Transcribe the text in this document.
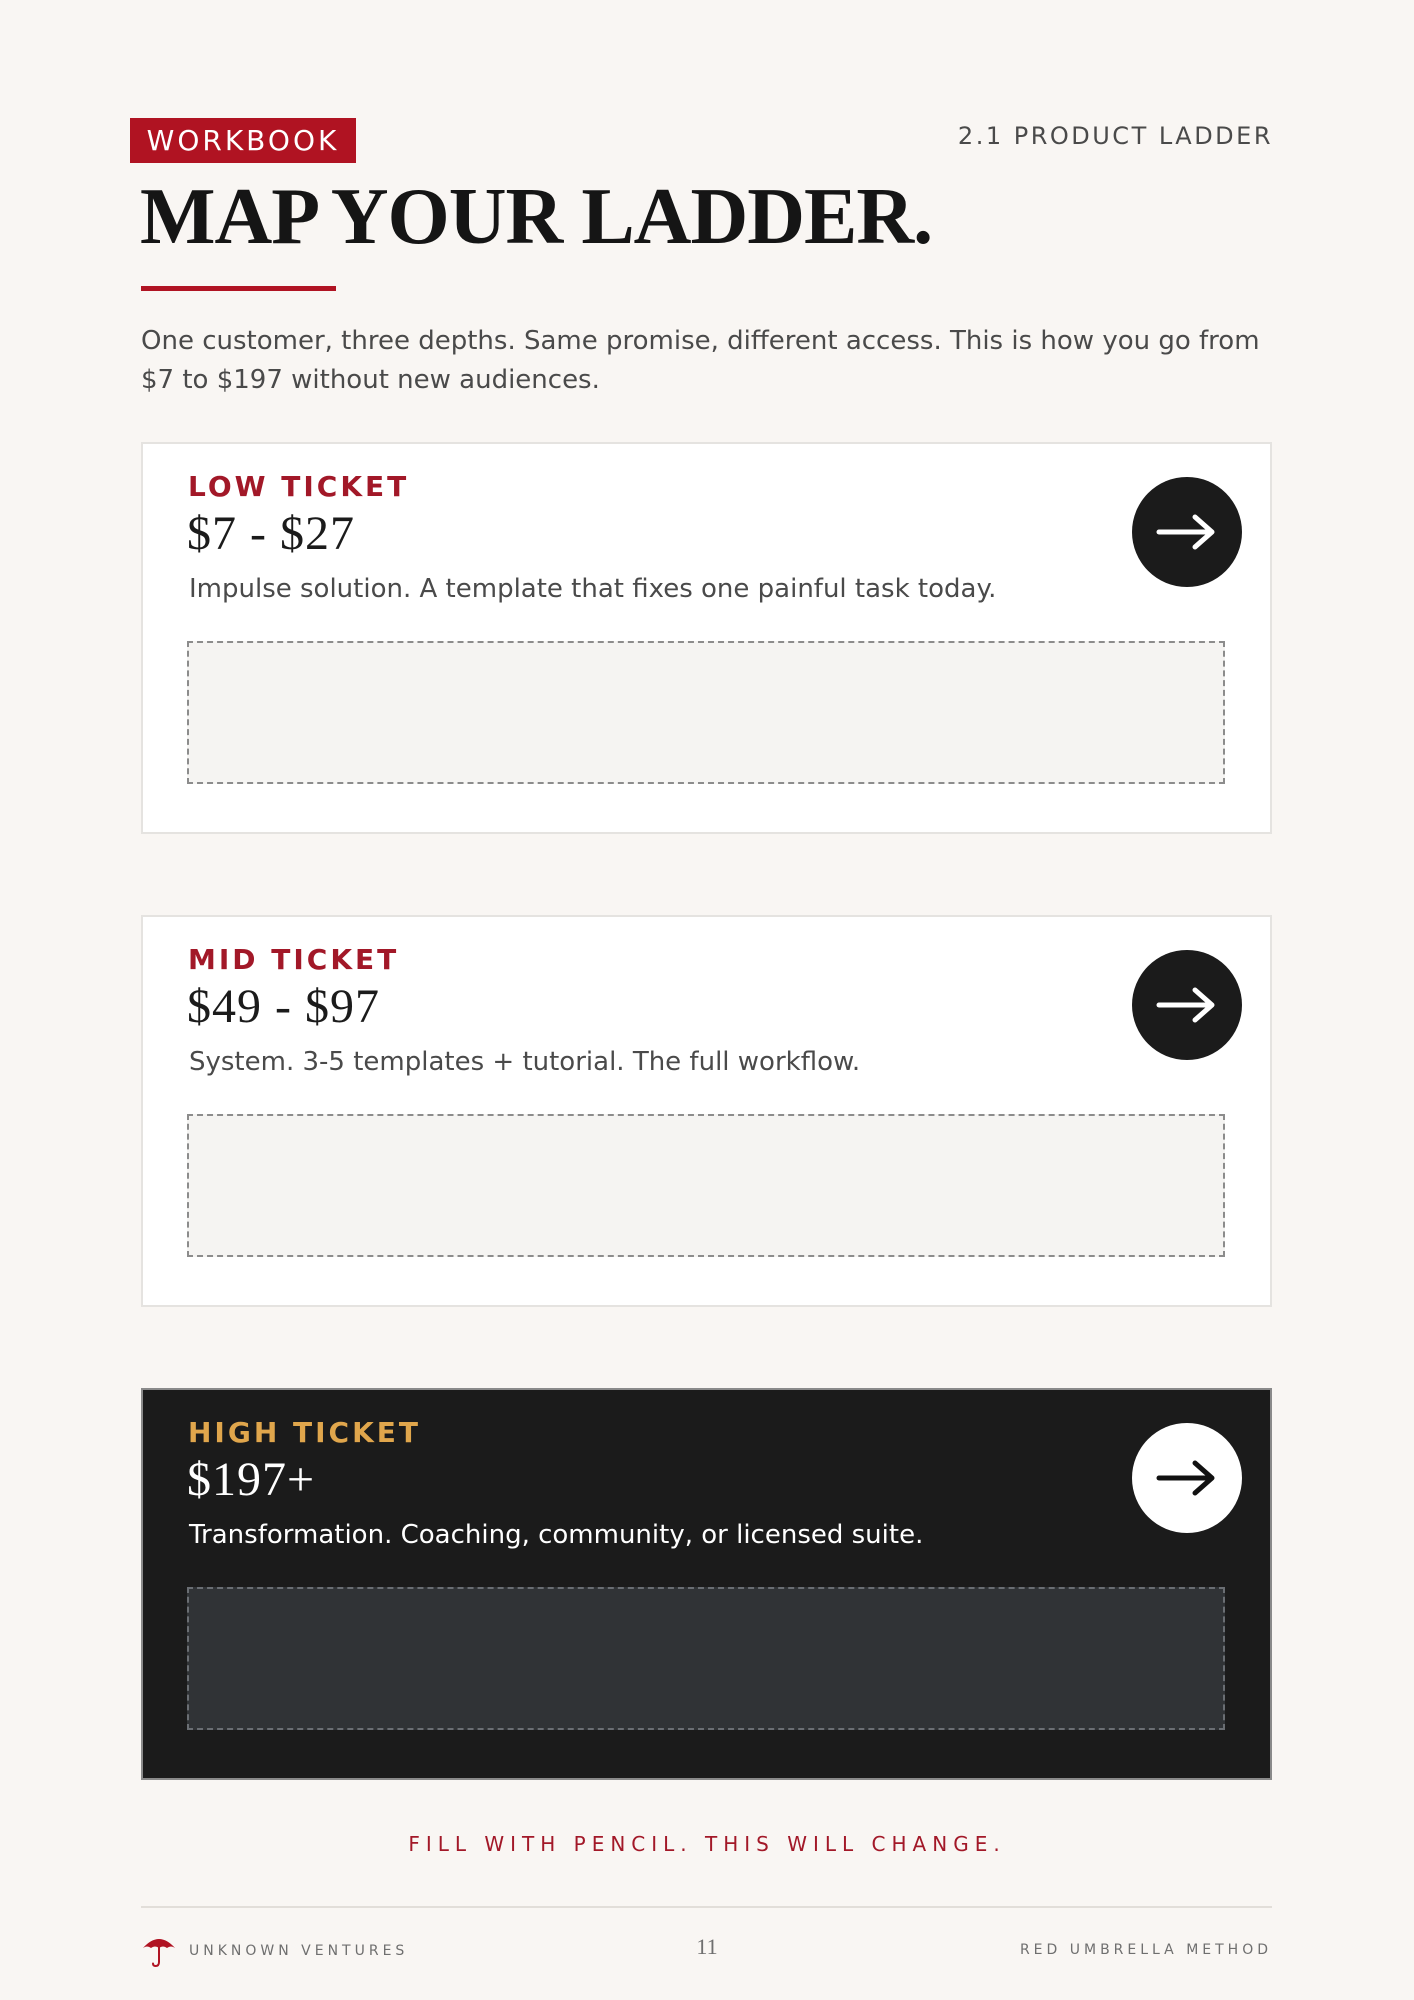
WORKBOOK	2.1 PRODUCT LADDER
MAP YOUR LADDER.

One customer, three depths. Same promise, different access. This is how you go from $7 to $197 without new audiences.

LOW TICKET
$7 - $27
Impulse solution. A template that fixes one painful task today.
MID TICKET
$49 - $97
System. 3-5 templates + tutorial. The full workflow.
HIGH TICKET
$197+
Transformation. Coaching, community, or licensed suite.
FILL WITH PENCIL. THIS WILL CHANGE.
UNKNOWN VENTURES	11	RED UMBRELLA METHOD
